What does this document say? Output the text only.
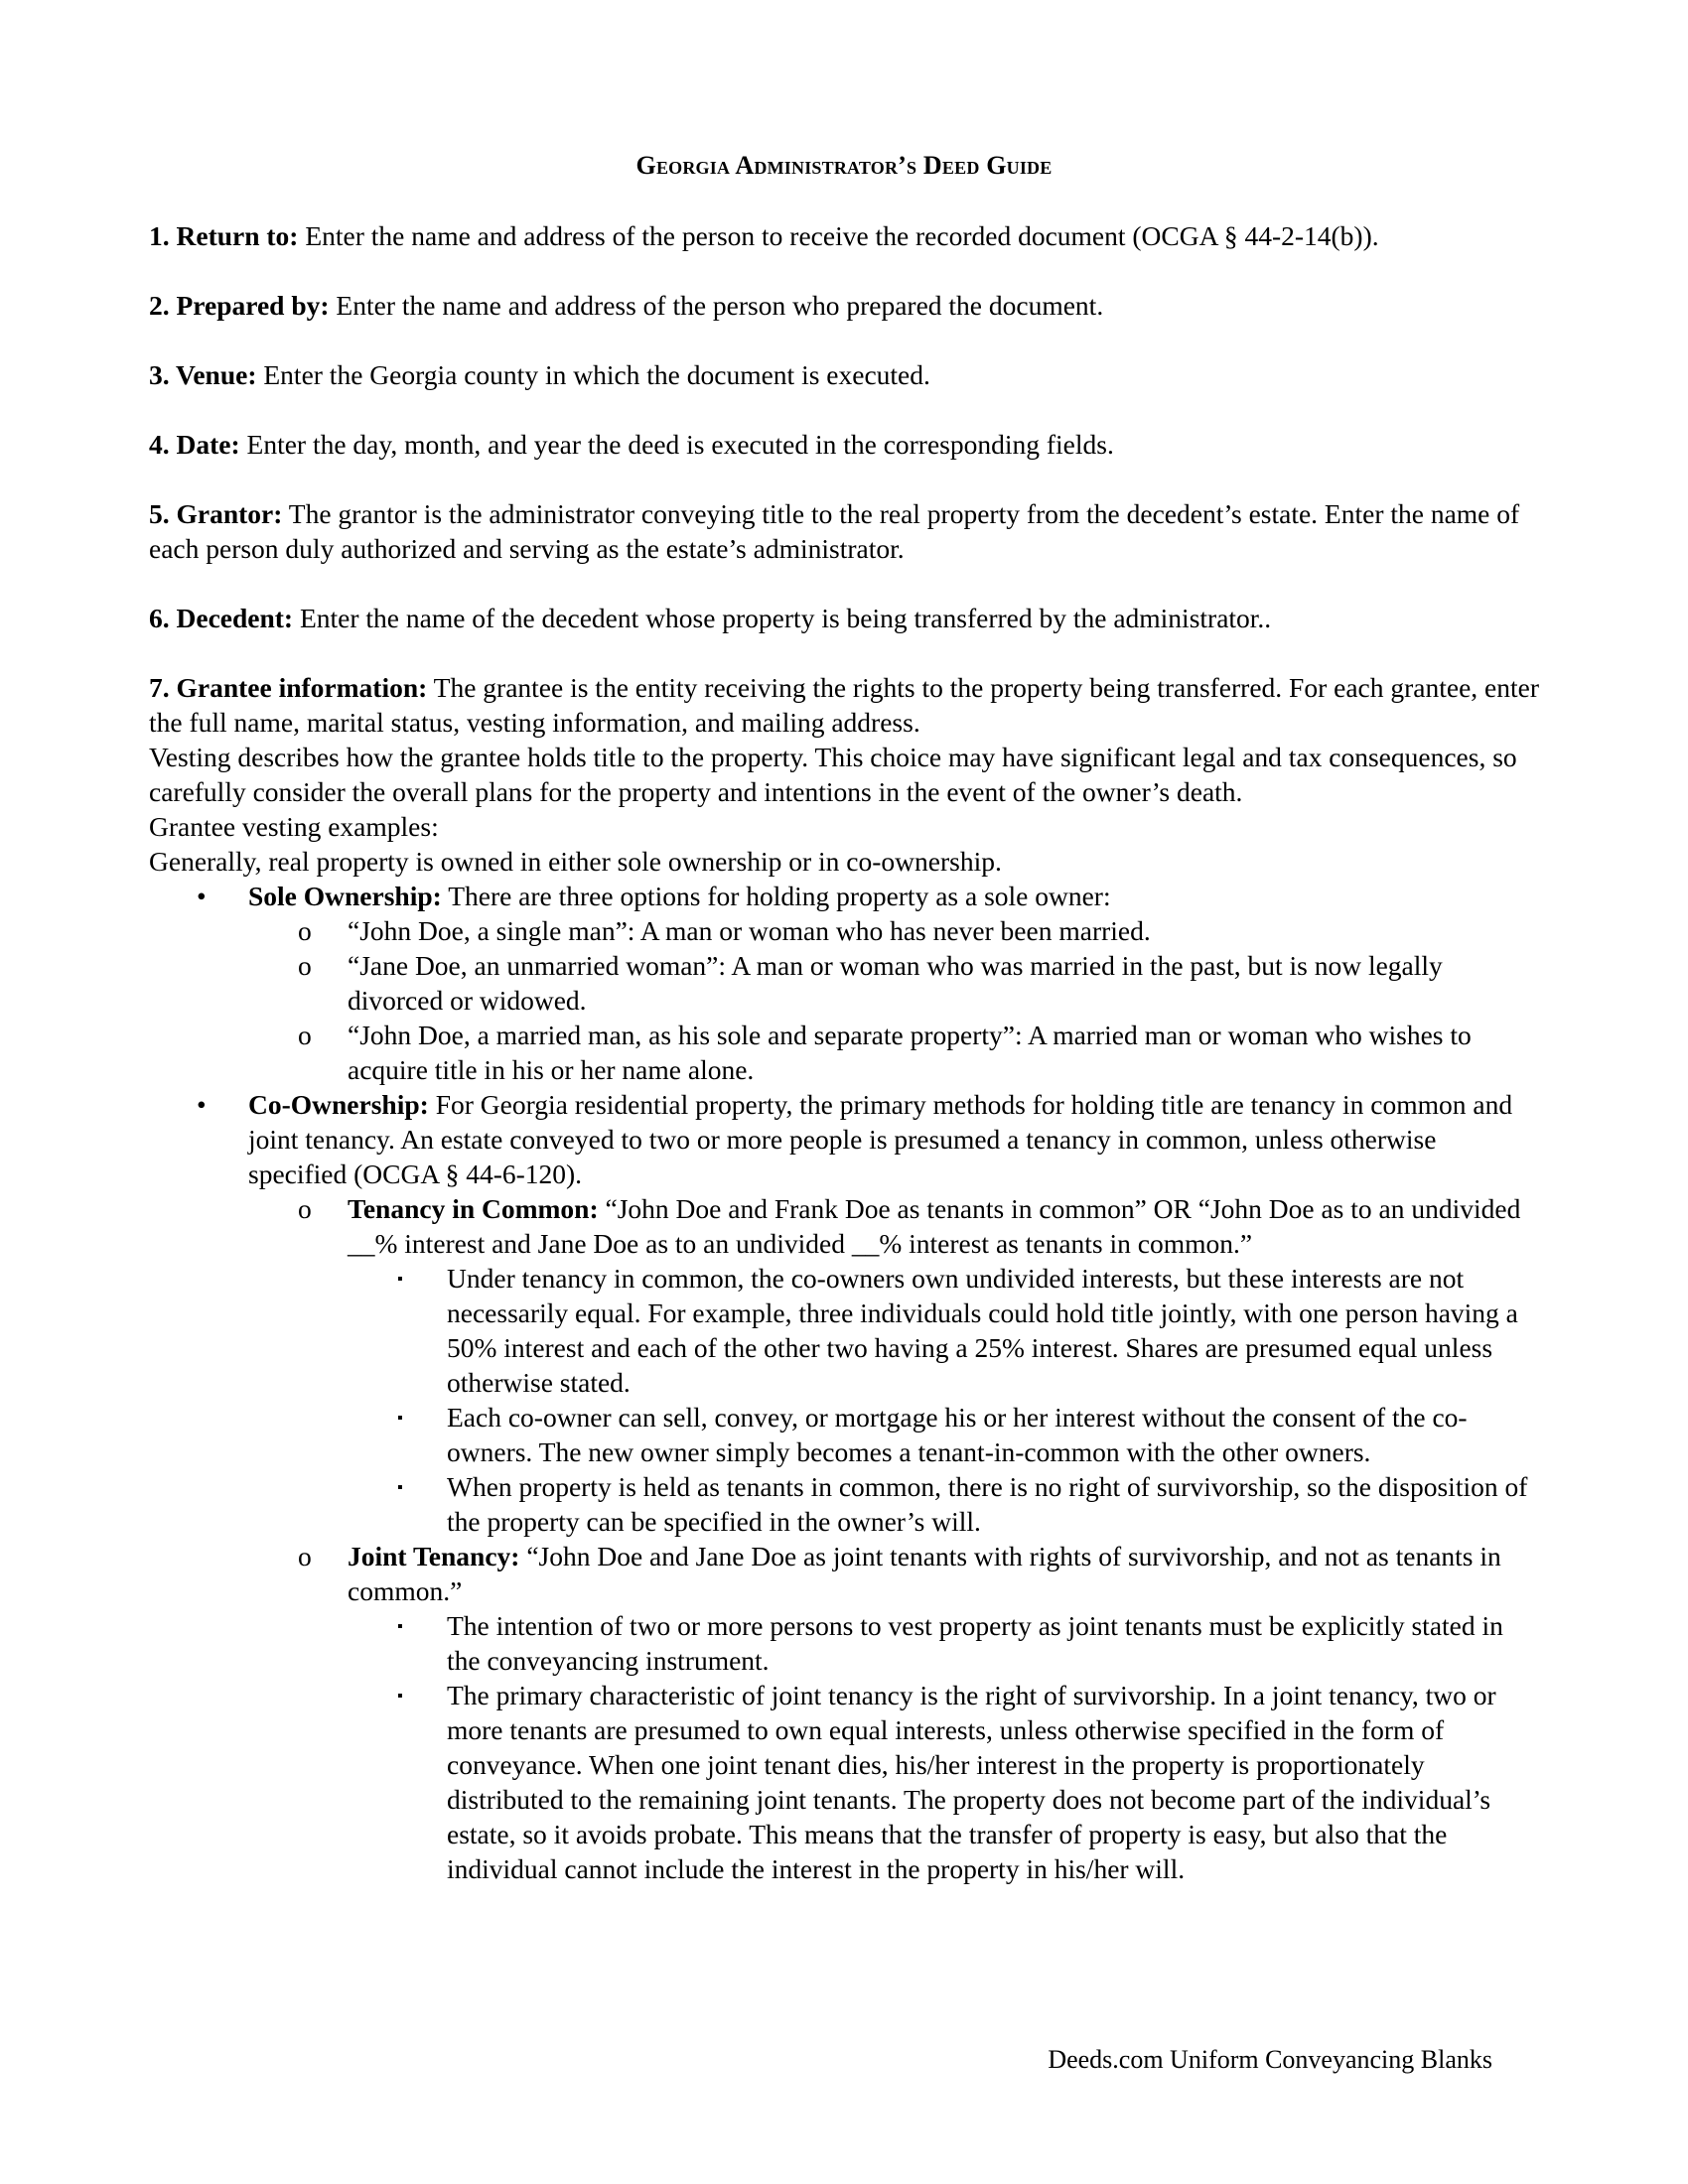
Georgia Administrator’s Deed Guide

1. Return to: Enter the name and address of the person to receive the recorded document (OCGA § 44-2-14(b)).

2. Prepared by: Enter the name and address of the person who prepared the document.

3. Venue: Enter the Georgia county in which the document is executed.

4. Date: Enter the day, month, and year the deed is executed in the corresponding fields.

5. Grantor: The grantor is the administrator conveying title to the real property from the decedent’s estate. Enter the name of each person duly authorized and serving as the estate’s administrator.

6. Decedent: Enter the name of the decedent whose property is being transferred by the administrator..

7. Grantee information: The grantee is the entity receiving the rights to the property being transferred. For each grantee, enter the full name, marital status, vesting information, and mailing address.

Vesting describes how the grantee holds title to the property. This choice may have significant legal and tax consequences, so carefully consider the overall plans for the property and intentions in the event of the owner’s death.

Grantee vesting examples:

Generally, real property is owned in either sole ownership or in co-ownership.

• Sole Ownership: There are three options for holding property as a sole owner:
o “John Doe, a single man”: A man or woman who has never been married.
o “Jane Doe, an unmarried woman”: A man or woman who was married in the past, but is now legally divorced or widowed.
o “John Doe, a married man, as his sole and separate property”: A married man or woman who wishes to acquire title in his or her name alone.
• Co-Ownership: For Georgia residential property, the primary methods for holding title are tenancy in common and joint tenancy. An estate conveyed to two or more people is presumed a tenancy in common, unless otherwise specified (OCGA § 44-6-120).
o Tenancy in Common: “John Doe and Frank Doe as tenants in common” OR “John Doe as to an undivided __% interest and Jane Doe as to an undivided __% interest as tenants in common.”
▪ Under tenancy in common, the co-owners own undivided interests, but these interests are not necessarily equal. For example, three individuals could hold title jointly, with one person having a 50% interest and each of the other two having a 25% interest. Shares are presumed equal unless otherwise stated.
▪ Each co-owner can sell, convey, or mortgage his or her interest without the consent of the co-owners. The new owner simply becomes a tenant-in-common with the other owners.
▪ When property is held as tenants in common, there is no right of survivorship, so the disposition of the property can be specified in the owner’s will.
o Joint Tenancy: “John Doe and Jane Doe as joint tenants with rights of survivorship, and not as tenants in common.”
▪ The intention of two or more persons to vest property as joint tenants must be explicitly stated in the conveyancing instrument.
▪ The primary characteristic of joint tenancy is the right of survivorship. In a joint tenancy, two or more tenants are presumed to own equal interests, unless otherwise specified in the form of conveyance. When one joint tenant dies, his/her interest in the property is proportionately distributed to the remaining joint tenants. The property does not become part of the individual’s estate, so it avoids probate. This means that the transfer of property is easy, but also that the individual cannot include the interest in the property in his/her will.
Deeds.com Uniform Conveyancing Blanks
